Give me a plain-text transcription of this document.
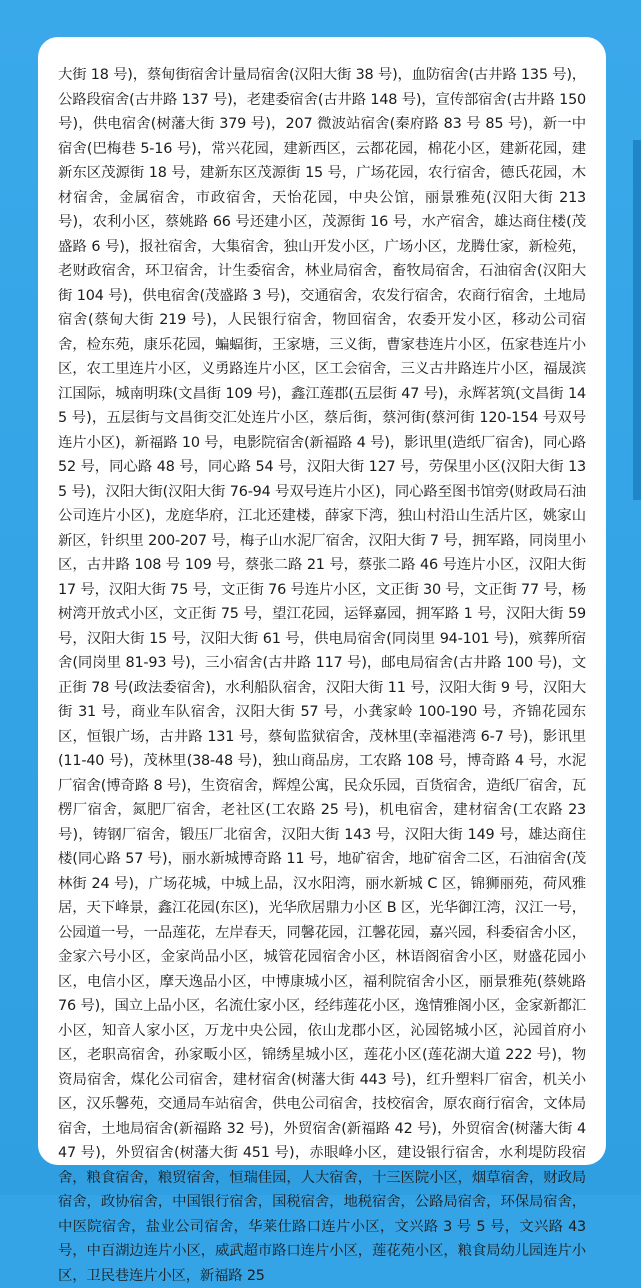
大街 18 号)，蔡甸街宿舍计量局宿舍(汉阳大街 38 号)，血防宿舍(古井路 135 号)，公路段宿舍(古井路 137 号)，老建委宿舍(古井路 148 号)，宣传部宿舍(古井路 150 号)，供电宿舍(树藩大街 379 号)，207 微波站宿舍(秦府路 83 号 85 号)，新一中宿舍(巴梅巷 5-16 号)，常兴花园，建新西区，云都花园，棉花小区，建新花园，建新东区茂源街 18 号，建新东区茂源街 15 号，广场花园，农行宿舍，德氏花园，木材宿舍，金属宿舍，市政宿舍，天怡花园，中央公馆，丽景雅苑(汉阳大街 213 号)，农利小区，蔡姚路 66 号还建小区，茂源街 16 号，水产宿舍，雄达商住楼(茂盛路 6 号)，报社宿舍，大集宿舍，独山开发小区，广场小区，龙腾仕家，新检苑，老财政宿舍，环卫宿舍，计生委宿舍，林业局宿舍，畜牧局宿舍，石油宿舍(汉阳大街 104 号)，供电宿舍(茂盛路 3 号)，交通宿舍，农发行宿舍，农商行宿舍，土地局宿舍(蔡甸大街 219 号)，人民银行宿舍，物回宿舍，农委开发小区，移动公司宿舍，检东苑，康乐花园，蝙蝠街，王家塘，三义街，曹家巷连片小区，伍家巷连片小区，农工里连片小区，义勇路连片小区，区工会宿舍，三义古井路连片小区，福晟滨江国际，城南明珠(文昌街 109 号)，鑫江莲郡(五层街 47 号)，永辉茗筑(文昌街 145 号)，五层街与文昌街交汇处连片小区，蔡后街，蔡河街(蔡河街 120-154 号双号连片小区)，新福路 10 号，电影院宿舍(新福路 4 号)，影讯里(造纸厂宿舍)，同心路 52 号，同心路 48 号，同心路 54 号，汉阳大街 127 号，劳保里小区(汉阳大街 135 号)，汉阳大街(汉阳大街 76-94 号双号连片小区)，同心路至图书馆旁(财政局石油公司连片小区)，龙庭华府，江北还建楼，薛家下湾，独山村沿山生活片区，姚家山新区，针织里 200-207 号，梅子山水泥厂宿舍，汉阳大街 7 号，拥军路，同岗里小区，古井路 108 号 109 号，蔡张二路 21 号，蔡张二路 46 号连片小区，汉阳大街 17 号，汉阳大街 75 号，文正街 76 号连片小区，文正街 30 号，文正街 77 号，杨树湾开放式小区，文正街 75 号，望江花园，运铎嘉园，拥军路 1 号，汉阳大街 59 号，汉阳大街 15 号，汉阳大街 61 号，供电局宿舍(同岗里 94-101 号)，殡葬所宿舍(同岗里 81-93 号)，三小宿舍(古井路 117 号)，邮电局宿舍(古井路 100 号)，文正街 78 号(政法委宿舍)，水利船队宿舍，汉阳大街 11 号，汉阳大街 9 号，汉阳大街 31 号，商业车队宿舍，汉阳大街 57 号，小龚家岭 100-190 号，齐锦花园东区，恒银广场，古井路 131 号，蔡甸监狱宿舍，茂林里(幸福港湾 6-7 号)，影讯里(11-40 号)，茂林里(38-48 号)，独山商品房，工农路 108 号，博奇路 4 号，水泥厂宿舍(博奇路 8 号)，生资宿舍，辉煌公寓，民众乐园，百货宿舍，造纸厂宿舍，瓦楞厂宿舍，氮肥厂宿舍，老社区(工农路 25 号)，机电宿舍，建材宿舍(工农路 23 号)，铸钢厂宿舍，锻压厂北宿舍，汉阳大街 143 号，汉阳大街 149 号，雄达商住楼(同心路 57 号)，丽水新城博奇路 11 号，地矿宿舍，地矿宿舍二区，石油宿舍(茂林街 24 号)，广场花城，中城上品，汉水阳湾，丽水新城 C 区，锦狮丽苑，荷风雅居，天下峰景，鑫江花园(东区)，光华欣居鼎力小区 B 区，光华御江湾，汉江一号，公园道一号，一品莲花，左岸春天，同馨花园，江馨花园，嘉兴园，科委宿舍小区，金家六号小区，金家尚品小区，城管花园宿舍小区，林语阁宿舍小区，财盛花园小区，电信小区，摩天逸品小区，中博康城小区，福利院宿舍小区，丽景雅苑(蔡姚路 76 号)，国立上品小区，名流仕家小区，经纬莲花小区，逸情雅阁小区，金家新都汇小区，知音人家小区，万龙中央公园，依山龙郡小区，沁园铭城小区，沁园首府小区，老职高宿舍，孙家畈小区，锦绣星城小区，莲花小区(莲花湖大道 222 号)，物资局宿舍，煤化公司宿舍，建材宿舍(树藩大街 443 号)，红升塑料厂宿舍，机关小区，汉乐馨苑，交通局车站宿舍，供电公司宿舍，技校宿舍，原农商行宿舍，文体局宿舍，土地局宿舍(新福路 32 号)，外贸宿舍(新福路 42 号)，外贸宿舍(树藩大街 447 号)，外贸宿舍(树藩大街 451 号)，赤眼峰小区，建设银行宿舍，水利堤防段宿舍，粮食宿舍，粮贸宿舍，恒瑞佳园，人大宿舍，十三医院小区，烟草宿舍，财政局宿舍，政协宿舍，中国银行宿舍，国税宿舍，地税宿舍，公路局宿舍，环保局宿舍，中医院宿舍，盐业公司宿舍，华莱仕路口连片小区，文兴路 3 号 5 号，文兴路 43 号，中百湖边连片小区，威武超市路口连片小区，莲花苑小区，粮食局幼儿园连片小区，卫民巷连片小区，新福路 25
